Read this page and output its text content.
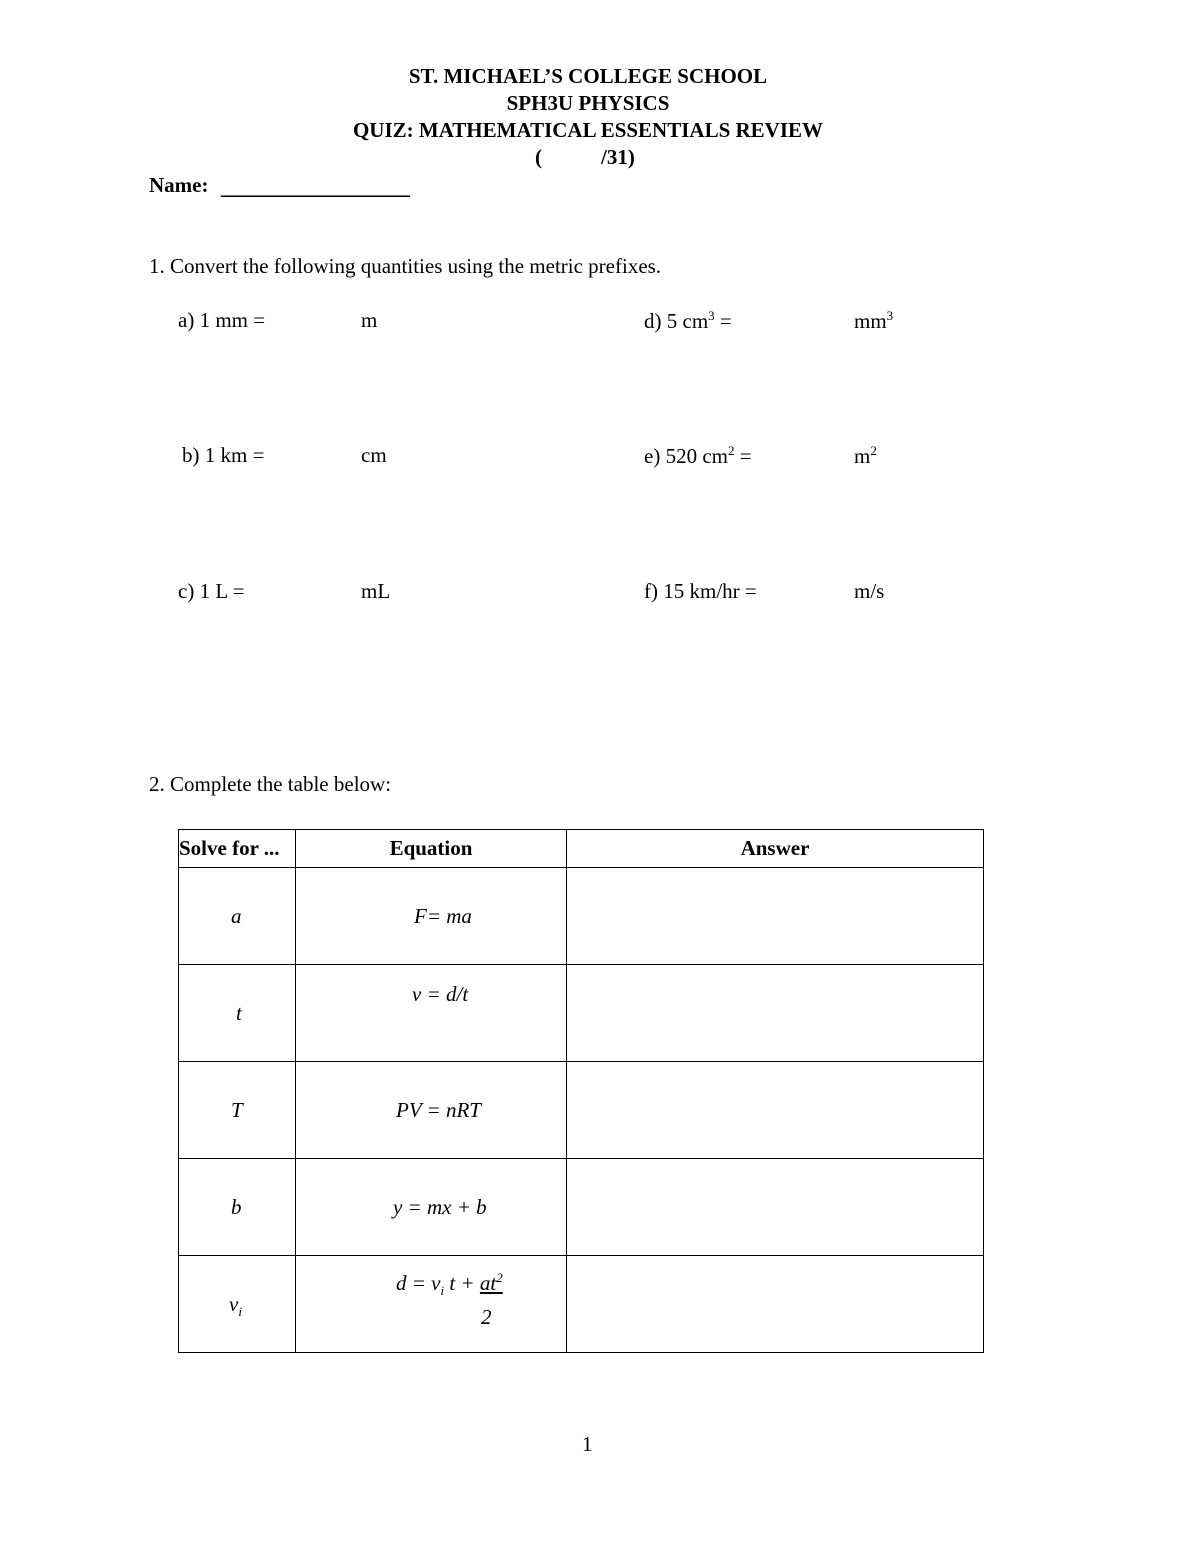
ST. MICHAEL’S COLLEGE SCHOOL
SPH3U PHYSICS
QUIZ: MATHEMATICAL ESSENTIALS REVIEW
(	/31)
Name: __________________
1. Convert the following quantities using the metric prefixes.
a) 1 mm =	m
b) 1 km =	cm
c) 1 L =	mL
d) 5 $cm^3$ =	$mm^3$
e) 520 $cm^2$ =	$m^2$
f) 15 km/hr =	m/s
2. Complete the table below:
Solve for ...	Equation	Answer

a	F= ma	

t	v = d/t	

T	PV = nRT	

b	y = mx + b	

$v_i$	$d = v_i$ $t + at^2$
2	

1
